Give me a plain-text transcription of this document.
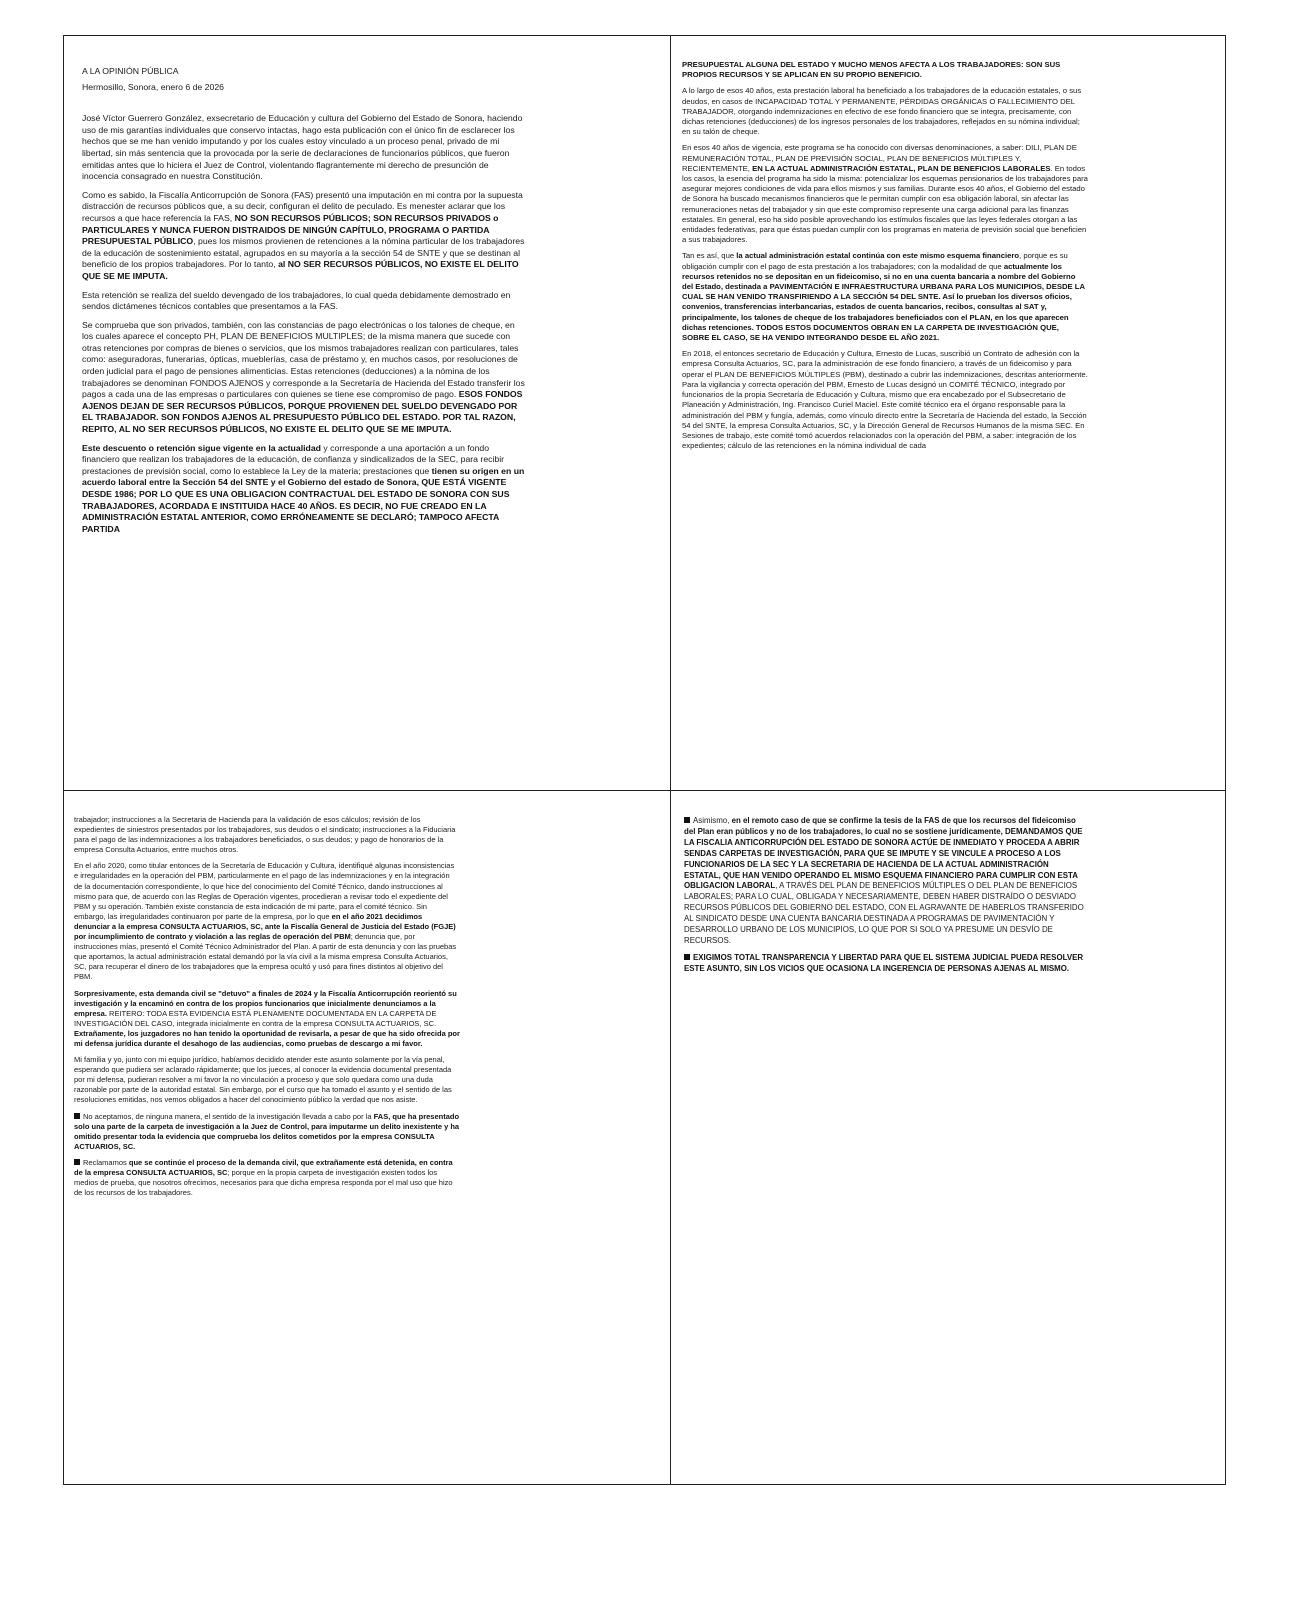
A LA OPINIÓN PÚBLICA

Hermosillo, Sonora, enero 6 de 2026

José Víctor Guerrero González, exsecretario de Educación y cultura del Gobierno del Estado de Sonora, haciendo uso de mis garantías individuales que conservo intactas, hago esta publicación con el único fin de esclarecer los hechos que se me han venido imputando y por los cuales estoy vinculado a un proceso penal, privado de mi libertad, sin más sentencia que la provocada por la serie de declaraciones de funcionarios públicos, que fueron emitidas antes que lo hiciera el Juez de Control, violentando flagrantemente mi derecho de presunción de inocencia consagrado en nuestra Constitución.

Como es sabido, la Fiscalía Anticorrupción de Sonora (FAS) presentó una imputación en mi contra por la supuesta distracción de recursos públicos que, a su decir, configuran el delito de peculado. Es menester aclarar que los recursos a que hace referencia la FAS, NO SON RECURSOS PÚBLICOS; SON RECURSOS PRIVADOS o PARTICULARES Y NUNCA FUERON DISTRAIDOS DE NINGÚN CAPÍTULO, PROGRAMA O PARTIDA PRESUPUESTAL PÚBLICO, pues los mismos provienen de retenciones a la nómina particular de los trabajadores de la educación de sostenimiento estatal, agrupados en su mayoría a la sección 54 de SNTE y que se destinan al beneficio de los propios trabajadores. Por lo tanto, al NO SER RECURSOS PÚBLICOS, NO EXISTE EL DELITO QUE SE ME IMPUTA.

Esta retención se realiza del sueldo devengado de los trabajadores, lo cual queda debidamente demostrado en sendos dictámenes técnicos contables que presentamos a la FAS.

Se comprueba que son privados, también, con las constancias de pago electrónicas o los talones de cheque, en los cuales aparece el concepto PH, PLAN DE BENEFICIOS MULTIPLES; de la misma manera que sucede con otras retenciones por compras de bienes o servicios, que los mismos trabajadores realizan con particulares, tales como: aseguradoras, funerarias, ópticas, mueblerías, casa de préstamo y, en muchos casos, por resoluciones de orden judicial para el pago de pensiones alimenticias. Estas retenciones (deducciones) a la nómina de los trabajadores se denominan FONDOS AJENOS y corresponde a la Secretaría de Hacienda del Estado transferir los pagos a cada una de las empresas o particulares con quienes se tiene ese compromiso de pago. ESOS FONDOS AJENOS DEJAN DE SER RECURSOS PÚBLICOS, PORQUE PROVIENEN DEL SUELDO DEVENGADO POR EL TRABAJADOR. SON FONDOS AJENOS AL PRESUPUESTO PÚBLICO DEL ESTADO. POR TAL RAZON, REPITO, AL NO SER RECURSOS PÚBLICOS, NO EXISTE EL DELITO QUE SE ME IMPUTA.

Este descuento o retención sigue vigente en la actualidad y corresponde a una aportación a un fondo financiero que realizan los trabajadores de la educación, de confianza y sindicalizados de la SEC, para recibir prestaciones de previsión social, como lo establece la Ley de la materia; prestaciones que tienen su origen en un acuerdo laboral entre la Sección 54 del SNTE y el Gobierno del estado de Sonora, QUE ESTÁ VIGENTE DESDE 1986; POR LO QUE ES UNA OBLIGACION CONTRACTUAL DEL ESTADO DE SONORA CON SUS TRABAJADORES, ACORDADA E INSTITUIDA HACE 40 AÑOS. ES DECIR, NO FUE CREADO EN LA ADMINISTRACIÓN ESTATAL ANTERIOR, COMO ERRÓNEAMENTE SE DECLARÓ; TAMPOCO AFECTA PARTIDA

PRESUPUESTAL ALGUNA DEL ESTADO Y MUCHO MENOS AFECTA A LOS TRABAJADORES: SON SUS PROPIOS RECURSOS Y SE APLICAN EN SU PROPIO BENEFICIO.

A lo largo de esos 40 años, esta prestación laboral ha beneficiado a los trabajadores de la educación estatales, o sus deudos, en casos de INCAPACIDAD TOTAL Y PERMANENTE, PÉRDIDAS ORGÁNICAS O FALLECIMIENTO DEL TRABAJADOR, otorgando indemnizaciones en efectivo de ese fondo financiero que se integra, precisamente, con dichas retenciones (deducciones) de los ingresos personales de los trabajadores, reflejados en su nómina individual; en su talón de cheque.

En esos 40 años de vigencia, este programa se ha conocido con diversas denominaciones, a saber: DILI, PLAN DE REMUNERACIÓN TOTAL, PLAN DE PREVISIÓN SOCIAL, PLAN DE BENEFICIOS MÚLTIPLES Y, RECIENTEMENTE, EN LA ACTUAL ADMINISTRACIÓN ESTATAL, PLAN DE BENEFICIOS LABORALES. En todos los casos, la esencia del programa ha sido la misma: potencializar los esquemas pensionarios de los trabajadores para asegurar mejores condiciones de vida para ellos mismos y sus familias. Durante esos 40 años, el Gobierno del estado de Sonora ha buscado mecanismos financieros que le permitan cumplir con esa obligación laboral, sin afectar las remuneraciones netas del trabajador y sin que este compromiso represente una carga adicional para las finanzas estatales. En general, eso ha sido posible aprovechando los estímulos fiscales que las leyes federales otorgan a las entidades federativas, para que éstas puedan cumplir con los programas en materia de previsión social que beneficien a sus trabajadores.

Tan es así, que la actual administración estatal continúa con este mismo esquema financiero, porque es su obligación cumplir con el pago de esta prestación a los trabajadores; con la modalidad de que actualmente los recursos retenidos no se depositan en un fideicomiso, si no en una cuenta bancaria a nombre del Gobierno del Estado, destinada a PAVIMENTACIÓN E INFRAESTRUCTURA URBANA PARA LOS MUNICIPIOS, DESDE LA CUAL SE HAN VENIDO TRANSFIRIENDO A LA SECCIÓN 54 DEL SNTE. Así lo prueban los diversos oficios, convenios, transferencias interbancarias, estados de cuenta bancarios, recibos, consultas al SAT y, principalmente, los talones de cheque de los trabajadores beneficiados con el PLAN, en los que aparecen dichas retenciones. TODOS ESTOS DOCUMENTOS OBRAN EN LA CARPETA DE INVESTIGACIÓN QUE, SOBRE EL CASO, SE HA VENIDO INTEGRANDO DESDE EL AÑO 2021.

En 2018, el entonces secretario de Educación y Cultura, Ernesto de Lucas, suscribió un Contrato de adhesión con la empresa Consulta Actuarios, SC, para la administración de ese fondo financiero, a través de un fideicomiso y para operar el PLAN DE BENEFICIOS MÚLTIPLES (PBM), destinado a cubrir las indemnizaciones, descritas anteriormente. Para la vigilancia y correcta operación del PBM, Ernesto de Lucas designó un COMITÉ TÉCNICO, integrado por funcionarios de la propia Secretaría de Educación y Cultura, mismo que era encabezado por el Subsecretario de Planeación y Administración, Ing. Francisco Curiel Maciel. Este comité técnico era el órgano responsable para la administración del PBM y fungía, además, como vínculo directo entre la Secretaría de Hacienda del estado, la Sección 54 del SNTE, la empresa Consulta Actuarios, SC, y la Dirección General de Recursos Humanos de la misma SEC. En Sesiones de trabajo, este comité tomó acuerdos relacionados con la operación del PBM, a saber: integración de los expedientes; cálculo de las retenciones en la nómina individual de cada

trabajador; instrucciones a la Secretaria de Hacienda para la validación de esos cálculos; revisión de los expedientes de siniestros presentados por los trabajadores, sus deudos o el sindicato; instrucciones a la Fiduciaria para el pago de las indemnizaciones a los trabajadores beneficiados, o sus deudos; y pago de honorarios de la empresa Consulta Actuarios, entre muchos otros.

En el año 2020, como titular entonces de la Secretaría de Educación y Cultura, identifiqué algunas inconsistencias e irregularidades en la operación del PBM, particularmente en el pago de las indemnizaciones y en la integración de la documentación correspondiente, lo que hice del conocimiento del Comité Técnico, dando instrucciones al mismo para que, de acuerdo con las Reglas de Operación vigentes, procedieran a revisar todo el expediente del PBM y su operación. También existe constancia de esta indicación de mi parte, para el comité técnico. Sin embargo, las irregularidades continuaron por parte de la empresa, por lo que en el año 2021 decidimos denunciar a la empresa CONSULTA ACTUARIOS, SC, ante la Fiscalía General de Justicia del Estado (FGJE) por incumplimiento de contrato y violación a las reglas de operación del PBM; denuncia que, por instrucciones mías, presentó el Comité Técnico Administrador del Plan. A partir de esta denuncia y con las pruebas que aportamos, la actual administración estatal demandó por la vía civil a la misma empresa Consulta Actuarios, SC, para recuperar el dinero de los trabajadores que la empresa ocultó y usó para fines distintos al objetivo del PBM.

Sorpresivamente, esta demanda civil se "detuvo" a finales de 2024 y la Fiscalía Anticorrupción reorientó su investigación y la encaminó en contra de los propios funcionarios que inicialmente denunciamos a la empresa. REITERO: TODA ESTA EVIDENCIA ESTÁ PLENAMENTE DOCUMENTADA EN LA CARPETA DE INVESTIGACIÓN DEL CASO, integrada inicialmente en contra de la empresa CONSULTA ACTUARIOS, SC. Extrañamente, los juzgadores no han tenido la oportunidad de revisarla, a pesar de que ha sido ofrecida por mi defensa jurídica durante el desahogo de las audiencias, como pruebas de descargo a mi favor.

Mi familia y yo, junto con mi equipo jurídico, habíamos decidido atender este asunto solamente por la vía penal, esperando que pudiera ser aclarado rápidamente; que los jueces, al conocer la evidencia documental presentada por mi defensa, pudieran resolver a mi favor la no vinculación a proceso y que solo quedara como una duda razonable por parte de la autoridad estatal. Sin embargo, por el curso que ha tomado el asunto y el sentido de las resoluciones emitidas, nos vemos obligados a hacer del conocimiento público la verdad que nos asiste.

No aceptamos, de ninguna manera, el sentido de la investigación llevada a cabo por la FAS, que ha presentado solo una parte de la carpeta de investigación a la Juez de Control, para imputarme un delito inexistente y ha omitido presentar toda la evidencia que comprueba los delitos cometidos por la empresa CONSULTA ACTUARIOS, SC.

Reclamamos que se continúe el proceso de la demanda civil, que extrañamente está detenida, en contra de la empresa CONSULTA ACTUARIOS, SC; porque en la propia carpeta de investigación existen todos los medios de prueba, que nosotros ofrecimos, necesarios para que dicha empresa responda por el mal uso que hizo de los recursos de los trabajadores.

Asimismo, en el remoto caso de que se confirme la tesis de la FAS de que los recursos del fideicomiso del Plan eran públicos y no de los trabajadores, lo cual no se sostiene jurídicamente, DEMANDAMOS QUE LA FISCALIA ANTICORRUPCIÓN DEL ESTADO DE SONORA ACTÚE DE INMEDIATO Y PROCEDA A ABRIR SENDAS CARPETAS DE INVESTIGACIÓN, PARA QUE SE IMPUTE Y SE VINCULE A PROCESO A LOS FUNCIONARIOS DE LA SEC Y LA SECRETARIA DE HACIENDA DE LA ACTUAL ADMINISTRACIÓN ESTATAL, QUE HAN VENIDO OPERANDO EL MISMO ESQUEMA FINANCIERO PARA CUMPLIR CON ESTA OBLIGACION LABORAL, A TRAVÉS DEL PLAN DE BENEFICIOS MÚLTIPLES O DEL PLAN DE BENEFICIOS LABORALES; PARA LO CUAL, OBLIGADA Y NECESARIAMENTE, DEBEN HABER DISTRAÍDO O DESVIADO RECURSOS PÚBLICOS DEL GOBIERNO DEL ESTADO, CON EL AGRAVANTE DE HABERLOS TRANSFERIDO AL SINDICATO DESDE UNA CUENTA BANCARIA DESTINADA A PROGRAMAS DE PAVIMENTACIÓN Y DESARROLLO URBANO DE LOS MUNICIPIOS, LO QUE POR SI SOLO YA PRESUME UN DESVÍO DE RECURSOS.

EXIGIMOS TOTAL TRANSPARENCIA Y LIBERTAD PARA QUE EL SISTEMA JUDICIAL PUEDA RESOLVER ESTE ASUNTO, SIN LOS VICIOS QUE OCASIONA LA INGERENCIA DE PERSONAS AJENAS AL MISMO.
